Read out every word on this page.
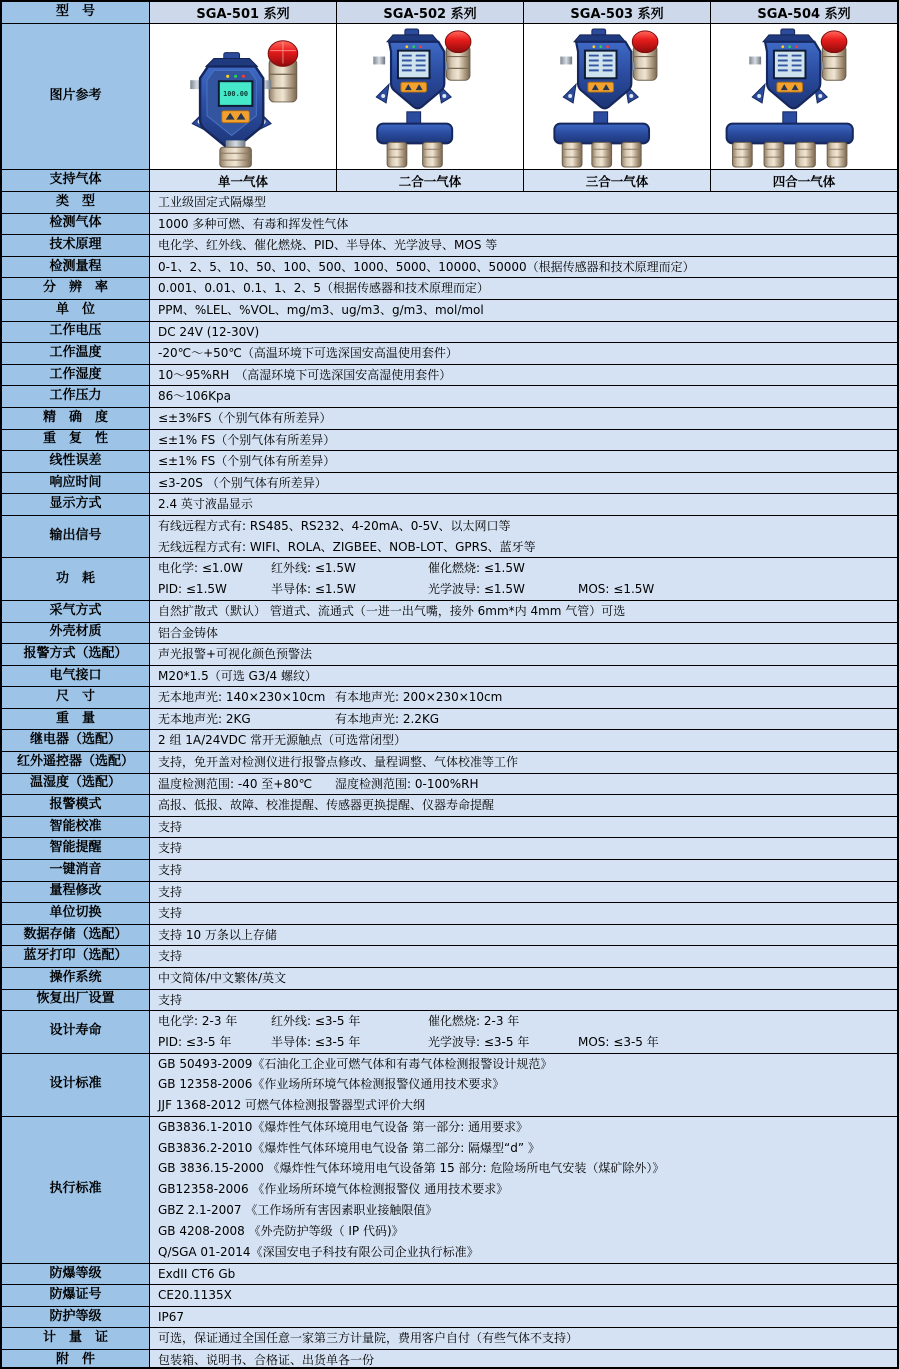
型　号	SGA-501 系列	SGA-502 系列	SGA-503 系列	SGA-504 系列
图片参考	100.00
支持气体	单一气体	二合一气体	三合一气体	四合一气体
类　型	工业级固定式隔爆型
检测气体	1000 多种可燃、有毒和挥发性气体
技术原理	电化学、红外线、催化燃烧、PID、半导体、光学波导、MOS 等
检测量程	0-1、2、5、10、50、100、500、1000、5000、10000、50000（根据传感器和技术原理而定）
分　辨　率	0.001、0.01、0.1、1、2、5（根据传感器和技术原理而定）
单　位	PPM、%LEL、%VOL、mg/m3、ug/m3、g/m3、mol/mol
工作电压	DC 24V (12-30V)
工作温度	-20℃～+50℃（高温环境下可选深国安高温使用套件）
工作湿度	10～95%RH　（高湿环境下可选深国安高湿使用套件）
工作压力	86～106Kpa
精　确　度	≤±3%FS（个别气体有所差异）
重　复　性	≤±1% FS（个别气体有所差异）
线性误差	≤±1% FS（个别气体有所差异）
响应时间	≤3-20S （个别气体有所差异）
显示方式	2.4 英寸液晶显示
输出信号
有线远程方式有: RS485、RS232、4-20mA、0-5V、以太网口等
无线远程方式有: WIFI、ROLA、ZIGBEE、NOB-LOT、GPRS、蓝牙等
功　耗
电化学: ≤1.0W 红外线: ≤1.5W	催化燃烧: ≤1.5W
PID: ≤1.5W	半导体: ≤1.5W	光学波导: ≤1.5W	MOS: ≤1.5W
采气方式	自然扩散式（默认） 管道式、流通式（一进一出气嘴，接外 6mm*内 4mm 气管）可选
外壳材质	铝合金铸体
报警方式（选配）	声光报警+可视化颜色预警法
电气接口	M20*1.5（可选 G3/4 螺纹）
尺　寸	无本地声光: 140×230×10cm 有本地声光: 200×230×10cm
重　量	无本地声光: 2KG	有本地声光: 2.2KG
继电器（选配）	2 组 1A/24VDC 常开无源触点（可选常闭型）
红外遥控器（选配）	支持，免开盖对检测仪进行报警点修改、量程调整、气体校准等工作
温湿度（选配）	温度检测范围: -40 至+80℃ 湿度检测范围: 0-100%RH
报警模式	高报、低报、故障、校准提醒、传感器更换提醒、仪器寿命提醒
智能校准	支持
智能提醒	支持
一键消音	支持
量程修改	支持
单位切换	支持
数据存储（选配）	支持 10 万条以上存储
蓝牙打印（选配）	支持
操作系统	中文简体/中文繁体/英文
恢复出厂设置	支持
设计寿命
电化学: 2-3 年	红外线: ≤3-5 年	催化燃烧: 2-3 年
PID: ≤3-5 年	半导体: ≤3-5 年	光学波导: ≤3-5 年	MOS: ≤3-5 年
设计标准
GB 50493-2009《石油化工企业可燃气体和有毒气体检测报警设计规范》
GB 12358-2006《作业场所环境气体检测报警仪通用技术要求》
JJF 1368-2012 可燃气体检测报警器型式评价大纲
执行标准
GB3836.1-2010《爆炸性气体环境用电气设备 第一部分: 通用要求》
GB3836.2-2010《爆炸性气体环境用电气设备 第二部分: 隔爆型“d” 》
GB 3836.15-2000 《爆炸性气体环境用电气设备第 15 部分: 危险场所电气安装（煤矿除外）》
GB12358-2006 《作业场所环境气体检测报警仪 通用技术要求》
GBZ 2.1-2007 《工作场所有害因素职业接触限值》
GB 4208-2008 《外壳防护等级（ IP 代码)》
Q/SGA 01-2014《深国安电子科技有限公司企业执行标准》
防爆等级	ExdII CT6 Gb
防爆证号	CE20.1135X
防护等级	IP67
计　量　证	可选，保证通过全国任意一家第三方计量院，费用客户自付（有些气体不支持）
附　件	包装箱、说明书、合格证、出货单各一份
